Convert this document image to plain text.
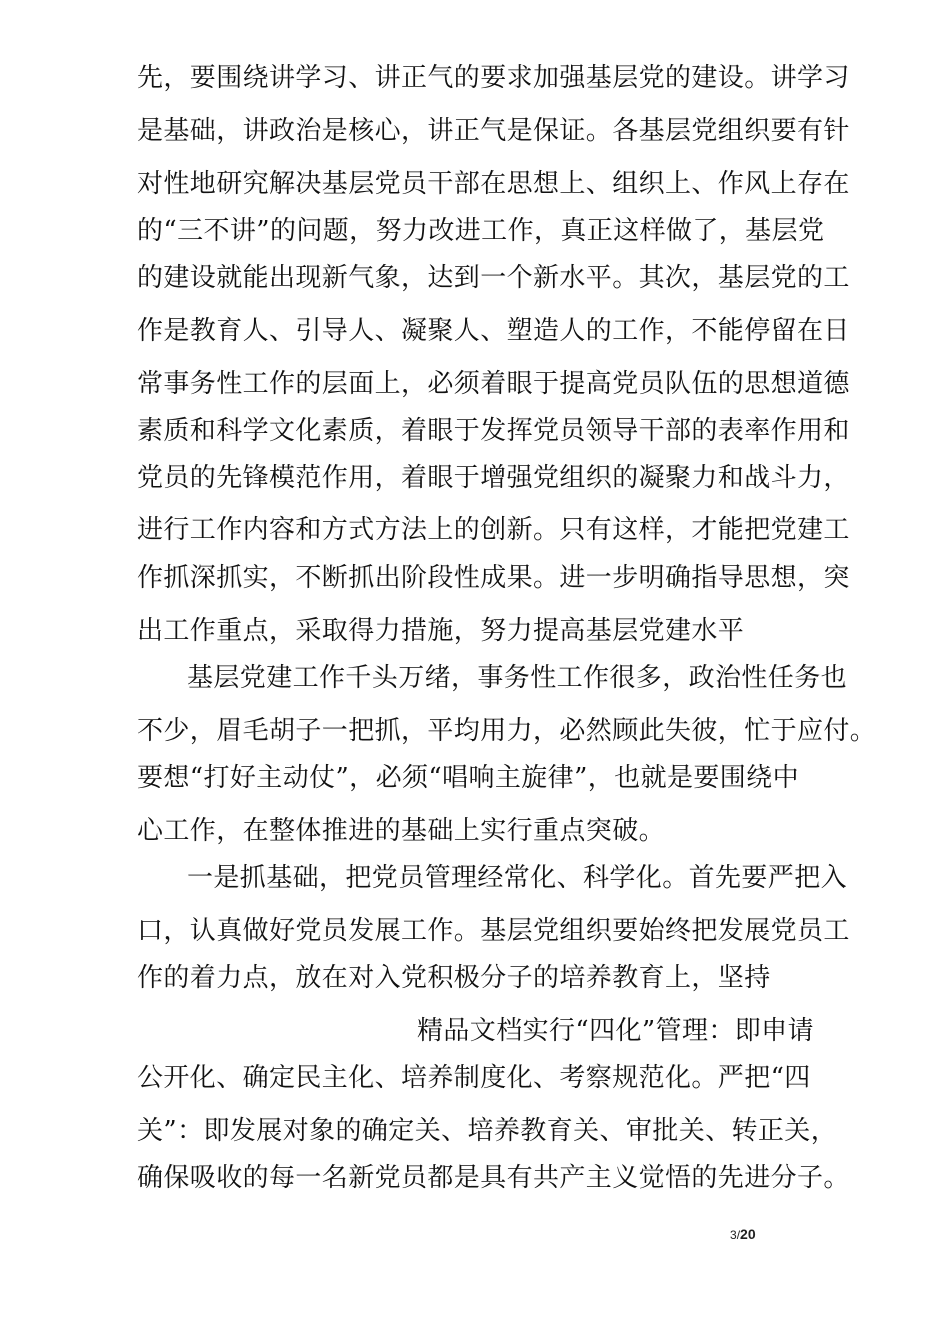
先，要围绕讲学习、讲正气的要求加强基层党的建设。讲学习
是基础，讲政治是核心，讲正气是保证。各基层党组织要有针
对性地研究解决基层党员干部在思想上、组织上、作风上存在
的“三不讲”的问题，努力改进工作，真正这样做了，基层党
的建设就能出现新气象，达到一个新水平。其次，基层党的工
作是教育人、引导人、凝聚人、塑造人的工作，不能停留在日
常事务性工作的层面上，必须着眼于提高党员队伍的思想道德
素质和科学文化素质，着眼于发挥党员领导干部的表率作用和
党员的先锋模范作用，着眼于增强党组织的凝聚力和战斗力，
进行工作内容和方式方法上的创新。只有这样，才能把党建工
作抓深抓实，不断抓出阶段性成果。进一步明确指导思想，突
出工作重点，采取得力措施，努力提高基层党建水平
基层党建工作千头万绪，事务性工作很多，政治性任务也
不少，眉毛胡子一把抓，平均用力，必然顾此失彼，忙于应付。
要想“打好主动仗”，必须“唱响主旋律”，也就是要围绕中
心工作，在整体推进的基础上实行重点突破。
一是抓基础，把党员管理经常化、科学化。首先要严把入
口，认真做好党员发展工作。基层党组织要始终把发展党员工
作的着力点，放在对入党积极分子的培养教育上，坚持
精品文档实行“四化”管理：即申请
公开化、确定民主化、培养制度化、考察规范化。严把“四
关”：即发展对象的确定关、培养教育关、审批关、转正关，
确保吸收的每一名新党员都是具有共产主义觉悟的先进分子。
3/20
